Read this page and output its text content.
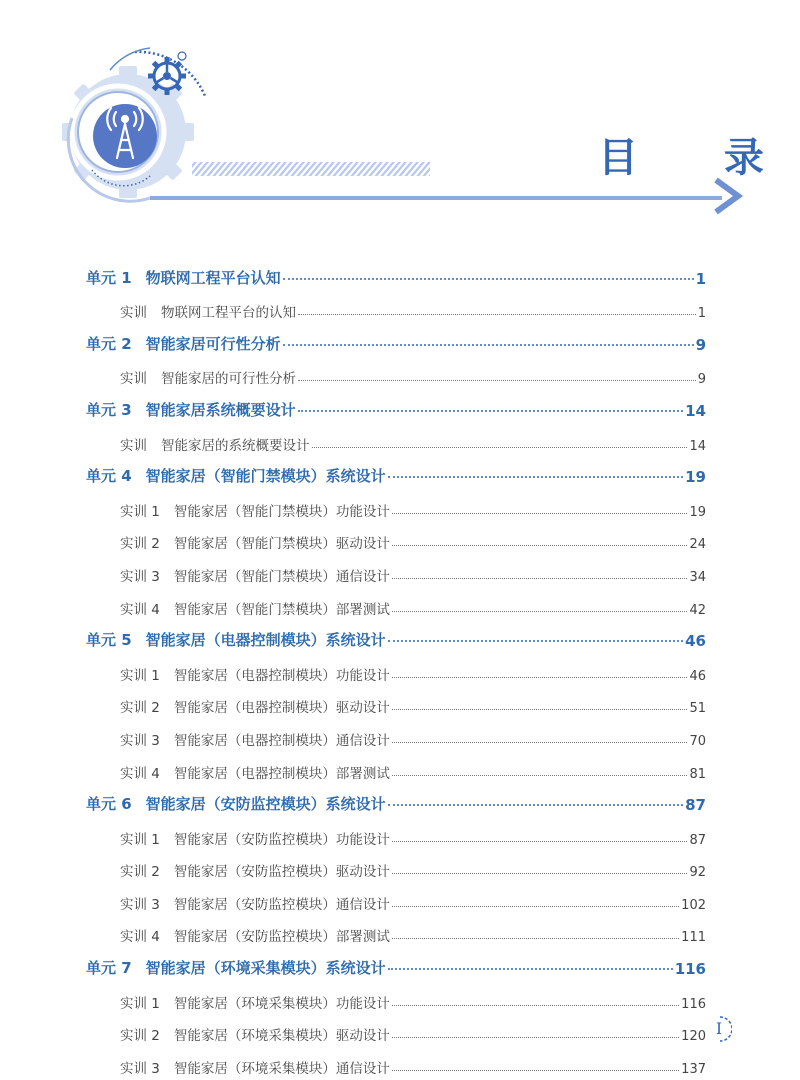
目 录
单元 1 物联网工程平台认知	1
实训 物联网工程平台的认知	1
单元 2 智能家居可行性分析	9
实训 智能家居的可行性分析	9
单元 3 智能家居系统概要设计	14
实训 智能家居的系统概要设计	14
单元 4 智能家居（智能门禁模块）系统设计	19
实训 1 智能家居（智能门禁模块）功能设计	19
实训 2 智能家居（智能门禁模块）驱动设计	24
实训 3 智能家居（智能门禁模块）通信设计	34
实训 4 智能家居（智能门禁模块）部署测试	42
单元 5 智能家居（电器控制模块）系统设计	46
实训 1 智能家居（电器控制模块）功能设计	46
实训 2 智能家居（电器控制模块）驱动设计	51
实训 3 智能家居（电器控制模块）通信设计	70
实训 4 智能家居（电器控制模块）部署测试	81
单元 6 智能家居（安防监控模块）系统设计	87
实训 1 智能家居（安防监控模块）功能设计	87
实训 2 智能家居（安防监控模块）驱动设计	92
实训 3 智能家居（安防监控模块）通信设计	102
实训 4 智能家居（安防监控模块）部署测试	111
单元 7 智能家居（环境采集模块）系统设计	116
实训 1 智能家居（环境采集模块）功能设计	116
实训 2 智能家居（环境采集模块）驱动设计	120
实训 3 智能家居（环境采集模块）通信设计	137
I
